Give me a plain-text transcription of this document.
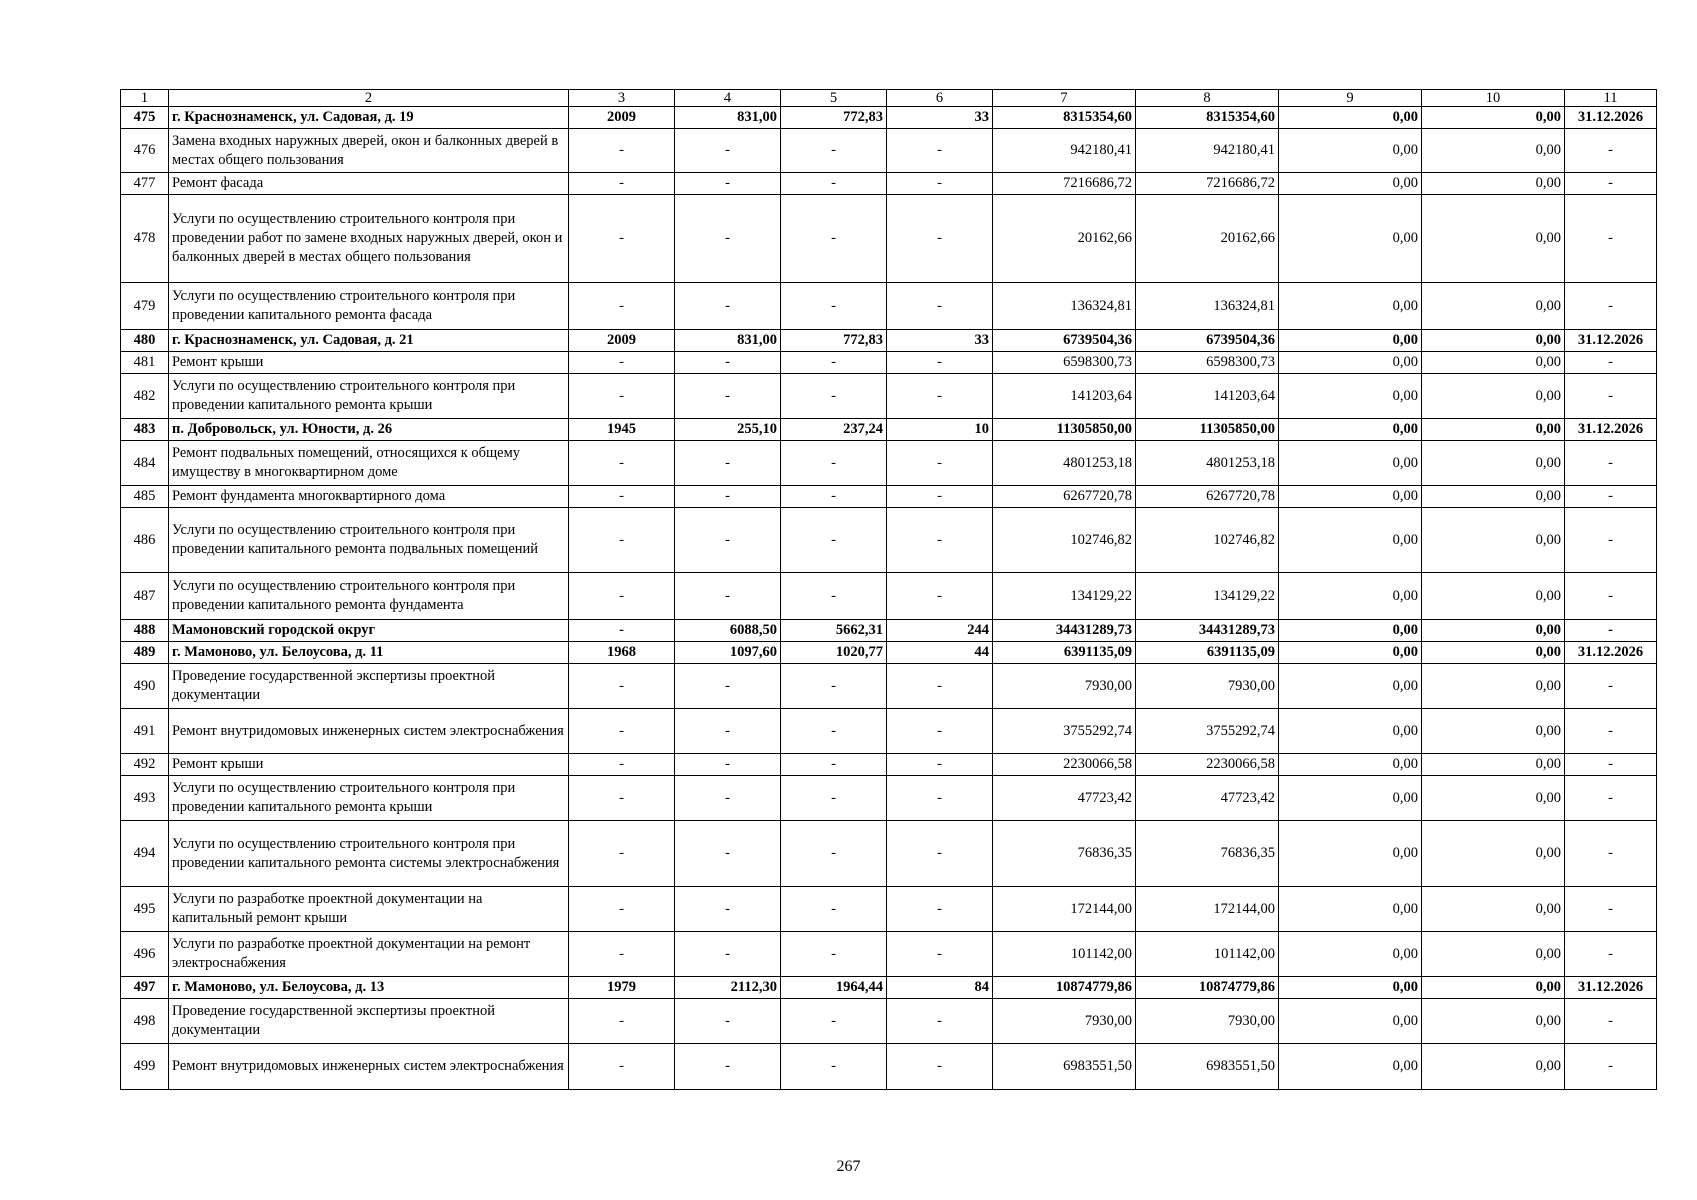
1	2	3	4	5	6	7	8	9	10	11
475	г. Краснознаменск, ул. Садовая, д. 19	2009	831,00	772,83	33	8315354,60	8315354,60	0,00	0,00	31.12.2026
476	Замена входных наружных дверей, окон и балконных дверей в местах общего пользования	-	-	-	-	942180,41	942180,41	0,00	0,00	-
477	Ремонт фасада	-	-	-	-	7216686,72	7216686,72	0,00	0,00	-
478	Услуги по осуществлению строительного контроля при проведении работ по замене входных наружных дверей, окон и балконных дверей в местах общего пользования	-	-	-	-	20162,66	20162,66	0,00	0,00	-
479	Услуги по осуществлению строительного контроля при проведении капитального ремонта фасада	-	-	-	-	136324,81	136324,81	0,00	0,00	-
480	г. Краснознаменск, ул. Садовая, д. 21	2009	831,00	772,83	33	6739504,36	6739504,36	0,00	0,00	31.12.2026
481	Ремонт крыши	-	-	-	-	6598300,73	6598300,73	0,00	0,00	-
482	Услуги по осуществлению строительного контроля при проведении капитального ремонта крыши	-	-	-	-	141203,64	141203,64	0,00	0,00	-
483	п. Добровольск, ул. Юности, д. 26	1945	255,10	237,24	10	11305850,00	11305850,00	0,00	0,00	31.12.2026
484	Ремонт подвальных помещений, относящихся к общему имуществу в многоквартирном доме	-	-	-	-	4801253,18	4801253,18	0,00	0,00	-
485	Ремонт фундамента многоквартирного дома	-	-	-	-	6267720,78	6267720,78	0,00	0,00	-
486	Услуги по осуществлению строительного контроля при проведении капитального ремонта подвальных помещений	-	-	-	-	102746,82	102746,82	0,00	0,00	-
487	Услуги по осуществлению строительного контроля при проведении капитального ремонта фундамента	-	-	-	-	134129,22	134129,22	0,00	0,00	-
488	Мамоновский городской округ	-	6088,50	5662,31	244	34431289,73	34431289,73	0,00	0,00	-
489	г. Мамоново, ул. Белоусова, д. 11	1968	1097,60	1020,77	44	6391135,09	6391135,09	0,00	0,00	31.12.2026
490	Проведение государственной экспертизы проектной документации	-	-	-	-	7930,00	7930,00	0,00	0,00	-
491	Ремонт внутридомовых инженерных систем электроснабжения	-	-	-	-	3755292,74	3755292,74	0,00	0,00	-
492	Ремонт крыши	-	-	-	-	2230066,58	2230066,58	0,00	0,00	-
493	Услуги по осуществлению строительного контроля при проведении капитального ремонта крыши	-	-	-	-	47723,42	47723,42	0,00	0,00	-
494	Услуги по осуществлению строительного контроля при проведении капитального ремонта системы электроснабжения	-	-	-	-	76836,35	76836,35	0,00	0,00	-
495	Услуги по разработке проектной документации на капитальный ремонт крыши	-	-	-	-	172144,00	172144,00	0,00	0,00	-
496	Услуги по разработке проектной документации на ремонт электроснабжения	-	-	-	-	101142,00	101142,00	0,00	0,00	-
497	г. Мамоново, ул. Белоусова, д. 13	1979	2112,30	1964,44	84	10874779,86	10874779,86	0,00	0,00	31.12.2026
498	Проведение государственной экспертизы проектной документации	-	-	-	-	7930,00	7930,00	0,00	0,00	-
499	Ремонт внутридомовых инженерных систем электроснабжения	-	-	-	-	6983551,50	6983551,50	0,00	0,00	-
267
